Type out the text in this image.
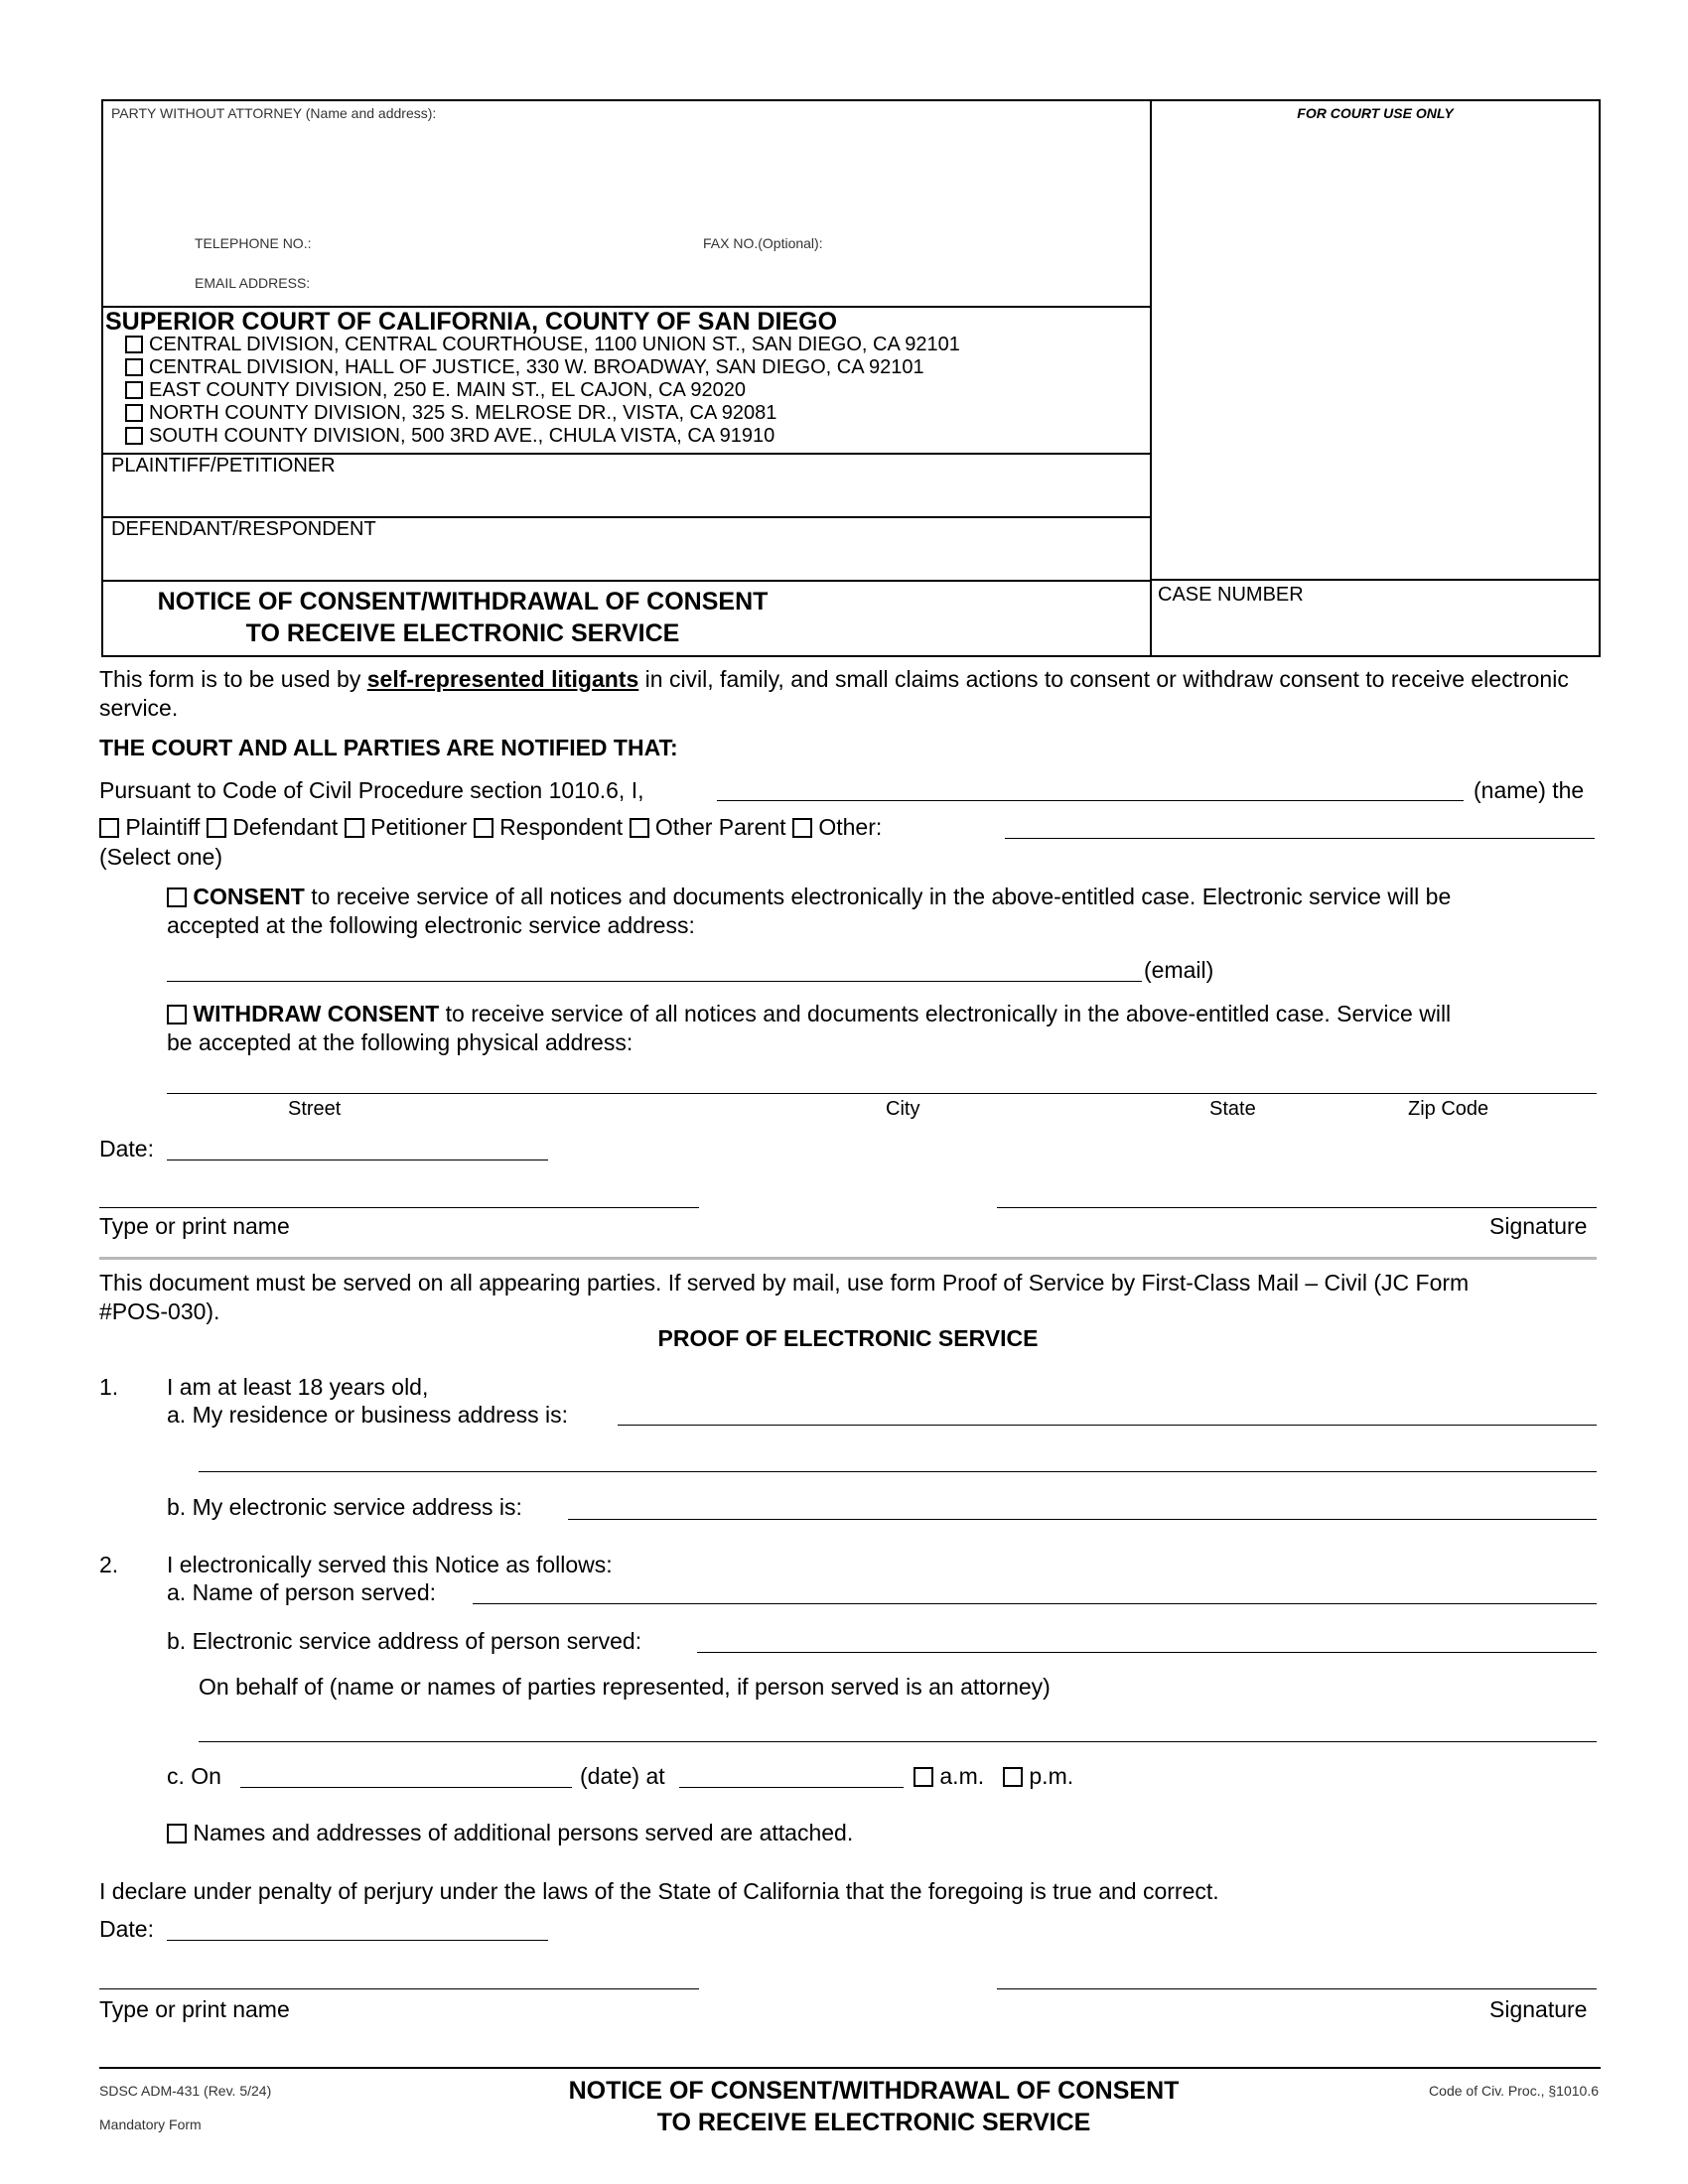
PARTY WITHOUT ATTORNEY (Name and address):	FOR COURT USE ONLY
TELEPHONE NO.:	FAX NO.(Optional):
EMAIL ADDRESS:
SUPERIOR COURT OF CALIFORNIA, COUNTY OF SAN DIEGO
CENTRAL DIVISION, CENTRAL COURTHOUSE, 1100 UNION ST., SAN DIEGO, CA 92101
CENTRAL DIVISION, HALL OF JUSTICE, 330 W. BROADWAY, SAN DIEGO, CA 92101
EAST COUNTY DIVISION, 250 E. MAIN ST., EL CAJON, CA 92020
NORTH COUNTY DIVISION, 325 S. MELROSE DR., VISTA, CA 92081
SOUTH COUNTY DIVISION, 500 3RD AVE., CHULA VISTA, CA 91910
PLAINTIFF/PETITIONER
DEFENDANT/RESPONDENT
NOTICE OF CONSENT/WITHDRAWAL OF CONSENT
TO RECEIVE ELECTRONIC SERVICE
CASE NUMBER
This form is to be used by self-represented litigants in civil, family, and small claims actions to consent or withdraw consent to receive electronic service.
THE COURT AND ALL PARTIES ARE NOTIFIED THAT:
Pursuant to Code of Civil Procedure section 1010.6, I,	(name) the
Plaintiff Defendant Petitioner Respondent Other Parent Other:
(Select one)
CONSENT to receive service of all notices and documents electronically in the above-entitled case. Electronic service will be
accepted at the following electronic service address:
(email)
WITHDRAW CONSENT to receive service of all notices and documents electronically in the above-entitled case. Service will
be accepted at the following physical address:
Street	City	State	Zip Code
Date:
Type or print name	Signature
This document must be served on all appearing parties. If served by mail, use form Proof of Service by First-Class Mail – Civil (JC Form
#POS-030).
PROOF OF ELECTRONIC SERVICE
1. I am at least 18 years old,
a. My residence or business address is:
b. My electronic service address is:
2. I electronically served this Notice as follows:
a. Name of person served:
b. Electronic service address of person served:
On behalf of (name or names of parties represented, if person served is an attorney)
c. On	(date) at	a.m.	p.m.
Names and addresses of additional persons served are attached.
I declare under penalty of perjury under the laws of the State of California that the foregoing is true and correct.
Date:
Type or print name	Signature
SDSC ADM-431 (Rev. 5/24)
Mandatory Form
NOTICE OF CONSENT/WITHDRAWAL OF CONSENT
TO RECEIVE ELECTRONIC SERVICE
Code of Civ. Proc., §1010.6
